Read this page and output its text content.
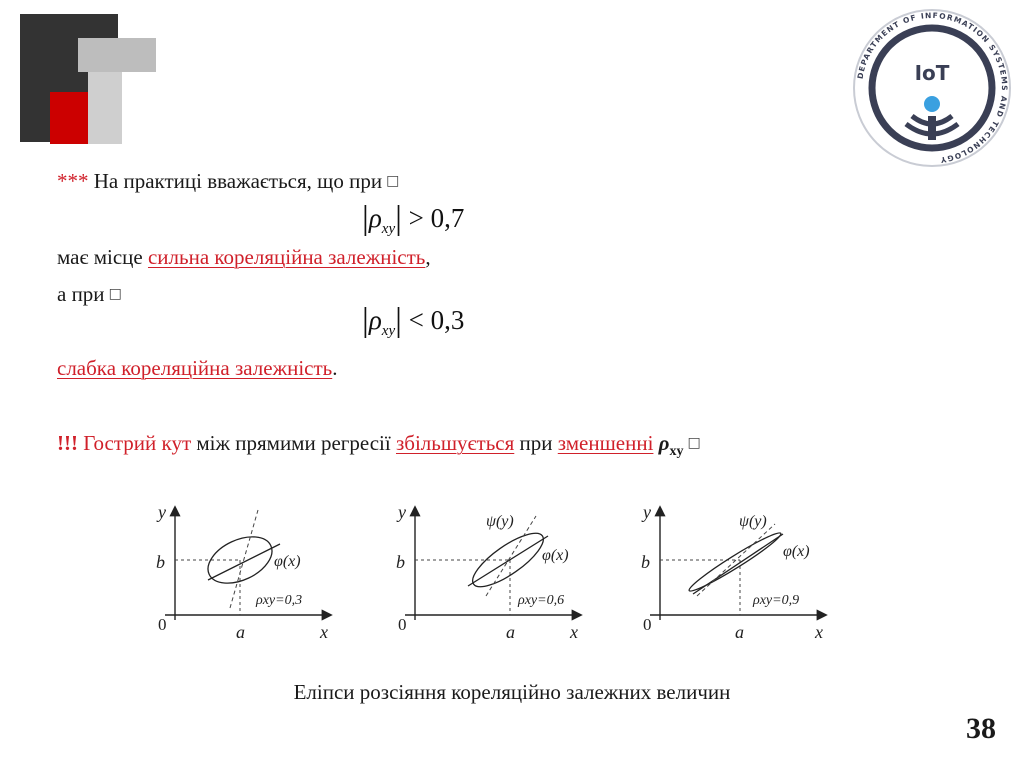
DEPARTMENT OF INFORMATION SYSTEMS AND TECHNOLOGY
IoT
*** На практиці вважається, що при □
$|\rho_{xy}| > 0,7$
має місце сильна кореляційна залежність,
а при □
$|\rho_{xy}| < 0,3$
слабка кореляційна залежність.
!!! Гострий кут між прямими регресії збільшується при зменшенні $\rho_{xy}□$
y
x
b
a
0
φ(x)
ρxy=0,3
y
x
b
a
0
ψ(y)
φ(x)
ρxy=0,6
y
x
b
a
0
ψ(y)
φ(x)
ρxy=0,9
Еліпси розсіяння кореляційно залежних величин
38
